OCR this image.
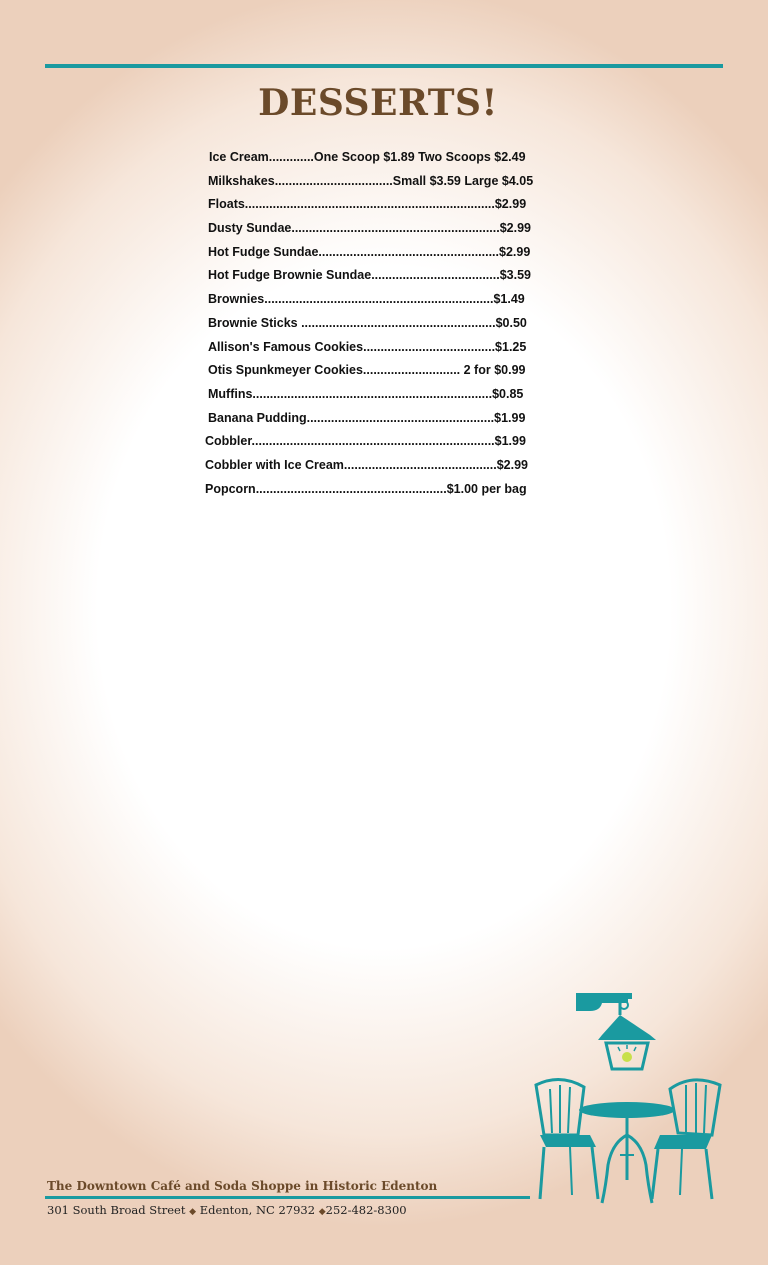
DESSERTS!
Ice Cream.............One Scoop $1.89 Two Scoops $2.49
Milkshakes..................................Small $3.59 Large $4.05
Floats........................................................................$2.99
Dusty Sundae............................................................$2.99
Hot Fudge Sundae....................................................$2.99
Hot Fudge Brownie Sundae.....................................$3.59
Brownies..................................................................$1.49
Brownie Sticks ........................................................$0.50
Allison's Famous Cookies......................................$1.25
Otis Spunkmeyer Cookies............................ 2 for $0.99
Muffins.....................................................................$0.85
Banana Pudding......................................................$1.99
Cobbler......................................................................$1.99
Cobbler with Ice Cream............................................$2.99
Popcorn.......................................................$1.00 per bag
The Downtown Café and Soda Shoppe in Historic Edenton
301 South Broad Street ◆ Edenton, NC 27932 ◆252-482-8300
